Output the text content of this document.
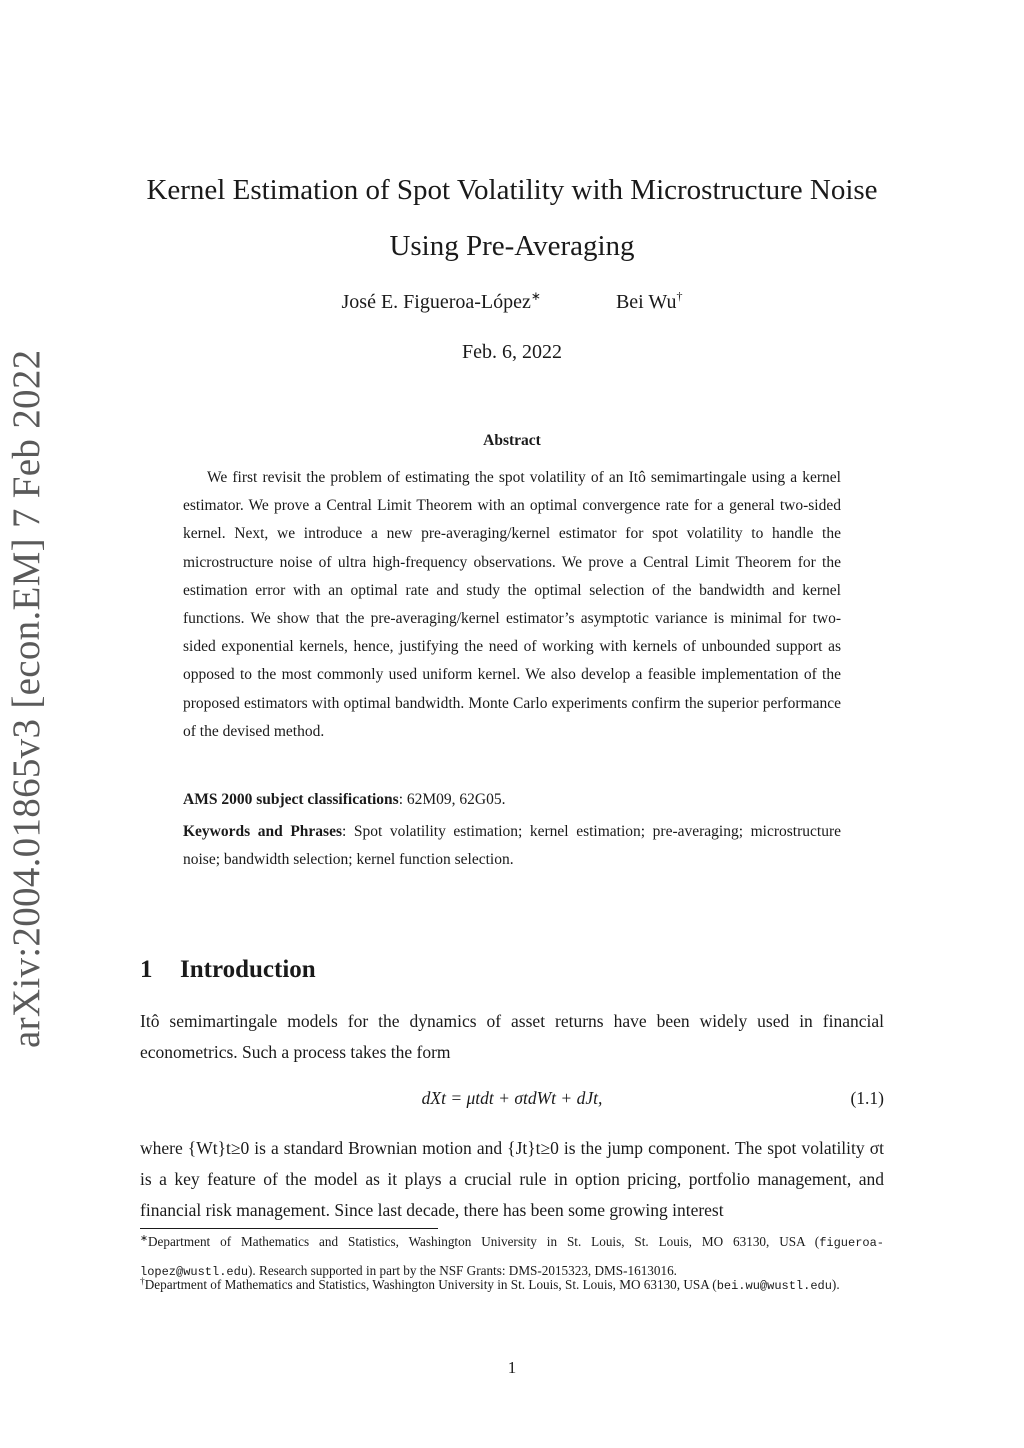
arXiv:2004.01865v3 [econ.EM] 7 Feb 2022
Kernel Estimation of Spot Volatility with Microstructure Noise Using Pre-Averaging
José E. Figueroa-López∗	Bei Wu†
Feb. 6, 2022
Abstract

We first revisit the problem of estimating the spot volatility of an Itô semimartingale using a kernel estimator. We prove a Central Limit Theorem with an optimal convergence rate for a general two-sided kernel. Next, we introduce a new pre-averaging/kernel estimator for spot volatility to handle the microstructure noise of ultra high-frequency observations. We prove a Central Limit Theorem for the estimation error with an optimal rate and study the optimal selection of the bandwidth and kernel functions. We show that the pre-averaging/kernel estimator’s asymptotic variance is minimal for two-sided exponential kernels, hence, justifying the need of working with kernels of unbounded support as opposed to the most commonly used uniform kernel. We also develop a feasible implementation of the proposed estimators with optimal bandwidth. Monte Carlo experiments confirm the superior performance of the devised method.

AMS 2000 subject classifications: 62M09, 62G05.

Keywords and Phrases: Spot volatility estimation; kernel estimation; pre-averaging; microstructure noise; bandwidth selection; kernel function selection.

1 Introduction

Itô semimartingale models for the dynamics of asset returns have been widely used in financial econometrics. Such a process takes the form

dXt = μtdt + σtdWt + dJt,	(1.1)

where {Wt}t≥0 is a standard Brownian motion and {Jt}t≥0 is the jump component. The spot volatility σt is a key feature of the model as it plays a crucial rule in option pricing, portfolio management, and financial risk management. Since last decade, there has been some growing interest

∗Department of Mathematics and Statistics, Washington University in St. Louis, St. Louis, MO 63130, USA (figueroa-lopez@wustl.edu). Research supported in part by the NSF Grants: DMS-2015323, DMS-1613016.

†Department of Mathematics and Statistics, Washington University in St. Louis, St. Louis, MO 63130, USA (bei.wu@wustl.edu).

1
